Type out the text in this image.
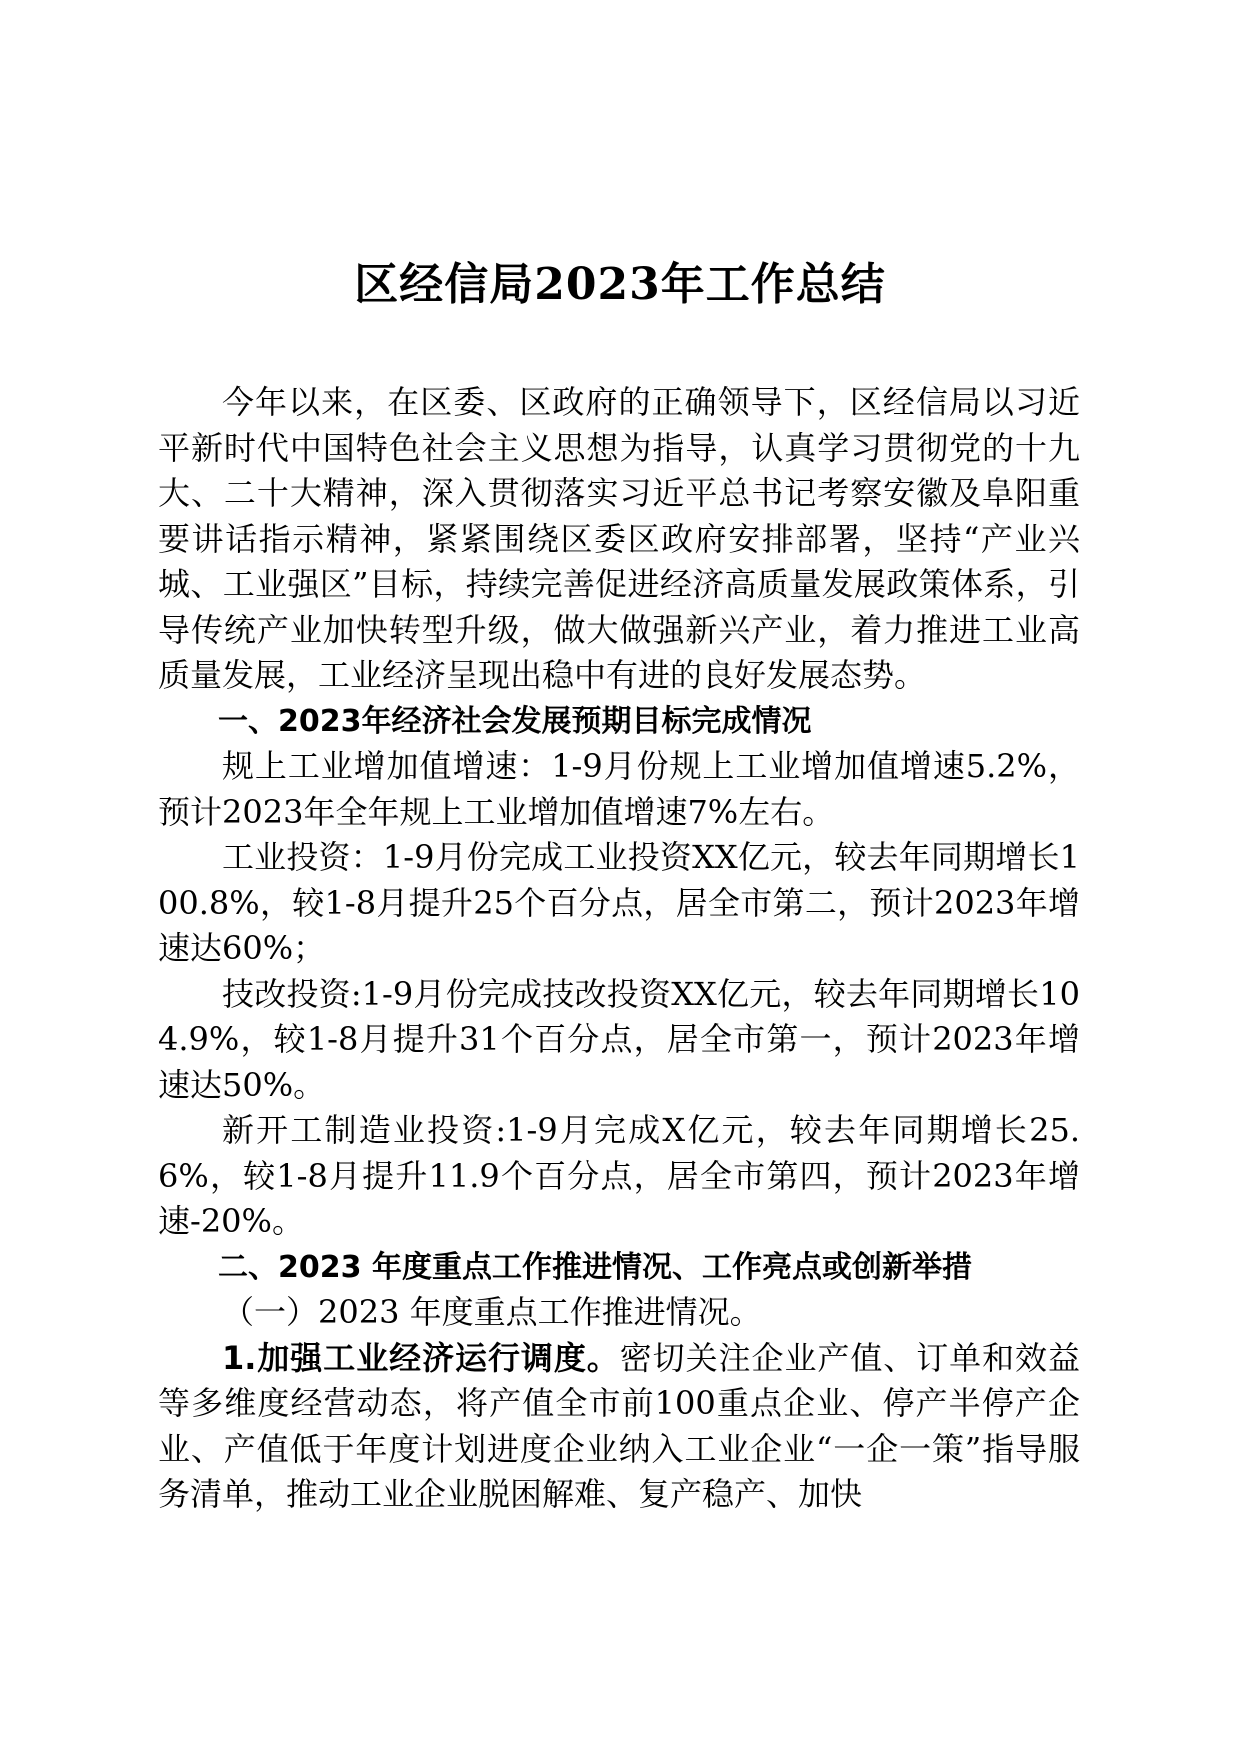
区经信局2023年工作总结

今年以来，在区委、区政府的正确领导下，区经信局以习近平新时代中国特色社会主义思想为指导，认真学习贯彻党的十九大、二十大精神，深入贯彻落实习近平总书记考察安徽及阜阳重要讲话指示精神，紧紧围绕区委区政府安排部署，坚持“产业兴城、工业强区”目标，持续完善促进经济高质量发展政策体系，引导传统产业加快转型升级，做大做强新兴产业，着力推进工业高质量发展，工业经济呈现出稳中有进的良好发展态势。

一、2023年经济社会发展预期目标完成情况

规上工业增加值增速：1-9月份规上工业增加值增速5.2%，预计2023年全年规上工业增加值增速7%左右。

工业投资：1-9月份完成工业投资XX亿元，较去年同期增长100.8%，较1-8月提升25个百分点，居全市第二，预计2023年增速达60%；

技改投资:1-9月份完成技改投资XX亿元，较去年同期增长104.9%，较1-8月提升31个百分点，居全市第一，预计2023年增速达50%。

新开工制造业投资:1-9月完成X亿元，较去年同期增长25.6%，较1-8月提升11.9个百分点，居全市第四，预计2023年增速-20%。

二、2023 年度重点工作推进情况、工作亮点或创新举措

（一）2023 年度重点工作推进情况。

1.加强工业经济运行调度。密切关注企业产值、订单和效益等多维度经营动态，将产值全市前100重点企业、停产半停产企业、产值低于年度计划进度企业纳入工业企业“一企一策”指导服务清单，推动工业企业脱困解难、复产稳产、加快
